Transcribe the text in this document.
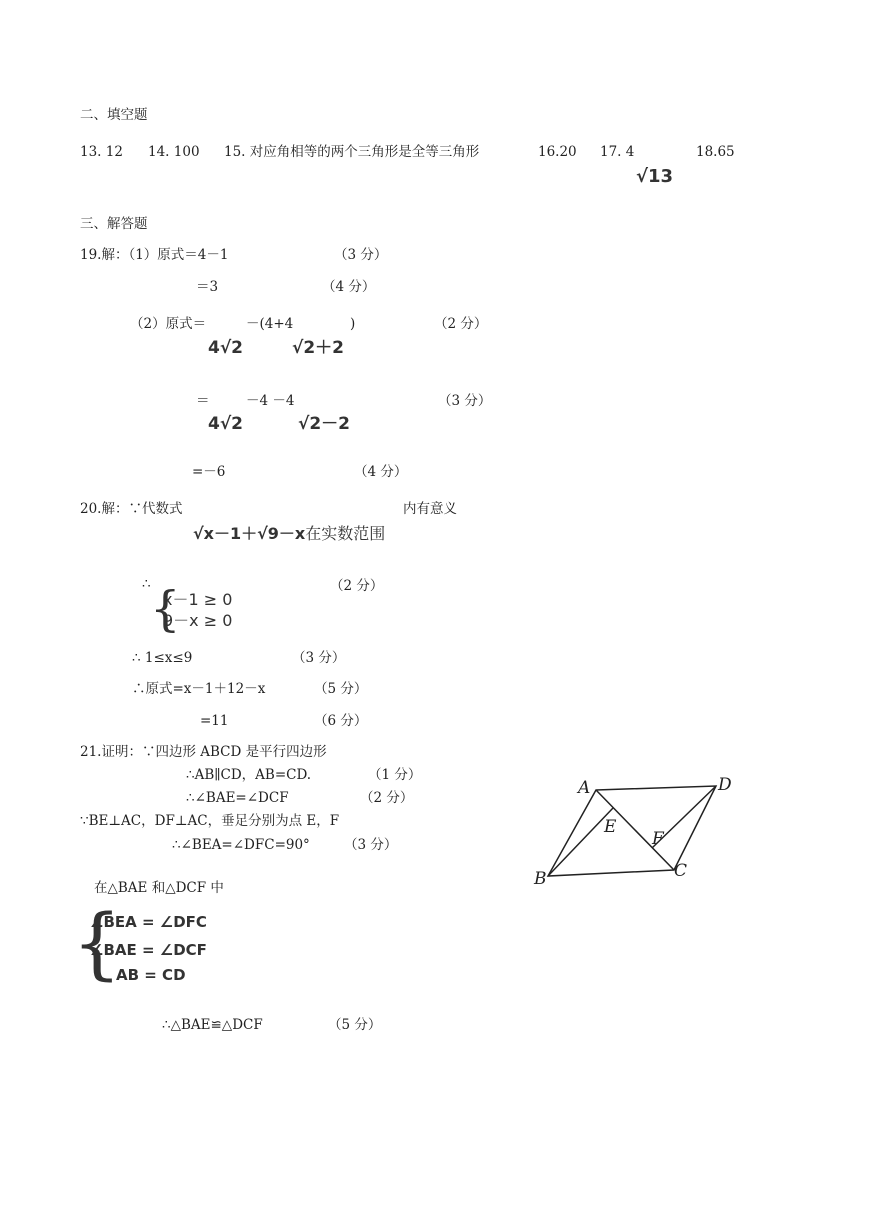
二、填空题
13. 12 14. 100 15. 对应角相等的两个三角形是全等三角形	16.20 17. 4
√13
18.65
三、解答题
19.解：（1）原式＝4－1	（3 分）
＝3	（4 分）
（2）原式＝	－(4+4	)	（2 分）
4√2	√2＋2
＝	－4 －4	（3 分）
4√2	√2－2
=－6	（4 分）
20.解：∵代数式	内有意义
√x－1＋√9－x在实数范围
∴	（2 分）
{
x－1 ≥ 0
9－x ≥ 0
∴ 1≤x≤9	（3 分）
∴原式=x－1＋12－x	（5 分）
=11	（6 分）
21.证明：∵四边形 ABCD 是平行四边形
∴AB∥CD，AB=CD.	（1 分）
∴∠BAE=∠DCF	（2 分）
∵BE⊥AC，DF⊥AC，垂足分别为点 E，F
∴∠BEA=∠DFC=90°	（3 分）
在△BAE 和△DCF 中
{
∠BEA = ∠DFC
∠BAE = ∠DCF
AB = CD
∴△BAE≌△DCF	（5 分）
A	D
B	C
E
F
